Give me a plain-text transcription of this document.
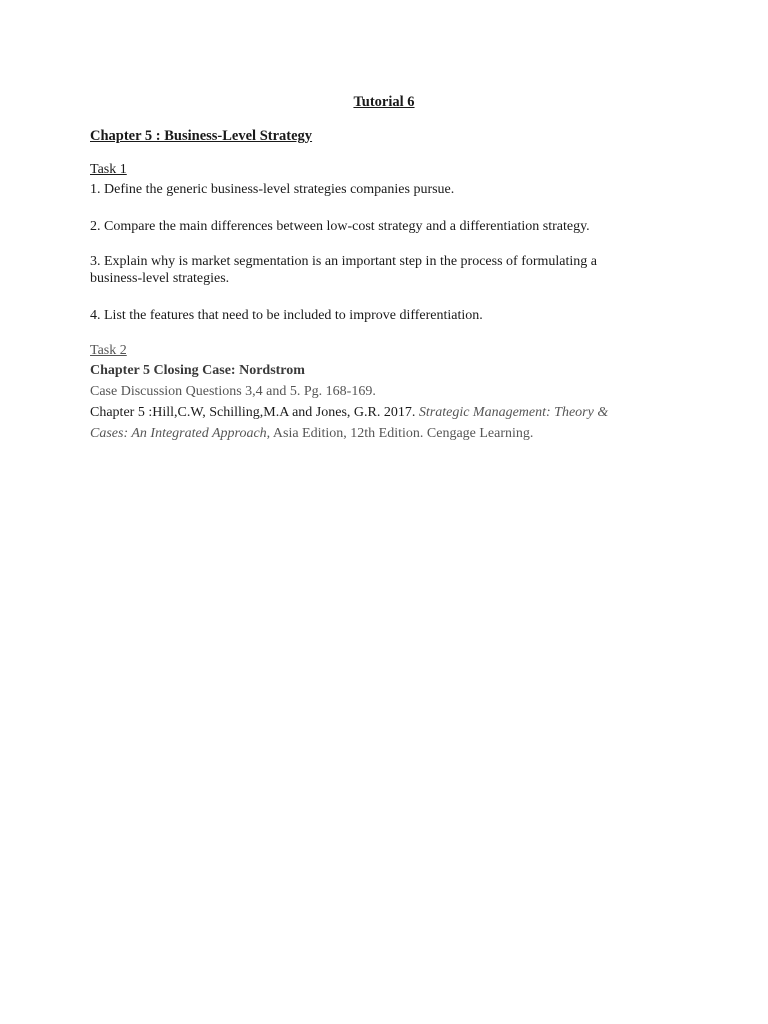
Tutorial 6
Chapter 5 : Business-Level Strategy
Task 1
1. Define the generic business-level strategies companies pursue.
2. Compare the main differences between low-cost strategy and a differentiation strategy.
3. Explain why is market segmentation is an important step in the process of formulating a
business-level strategies.
4. List the features that need to be included to improve differentiation.
Task 2
Chapter 5 Closing Case: Nordstrom
Case Discussion Questions 3,4 and 5. Pg. 168-169.
Chapter 5 :Hill,C.W, Schilling,M.A and Jones, G.R. 2017. Strategic Management: Theory &
Cases: An Integrated Approach, Asia Edition, 12th Edition. Cengage Learning.
